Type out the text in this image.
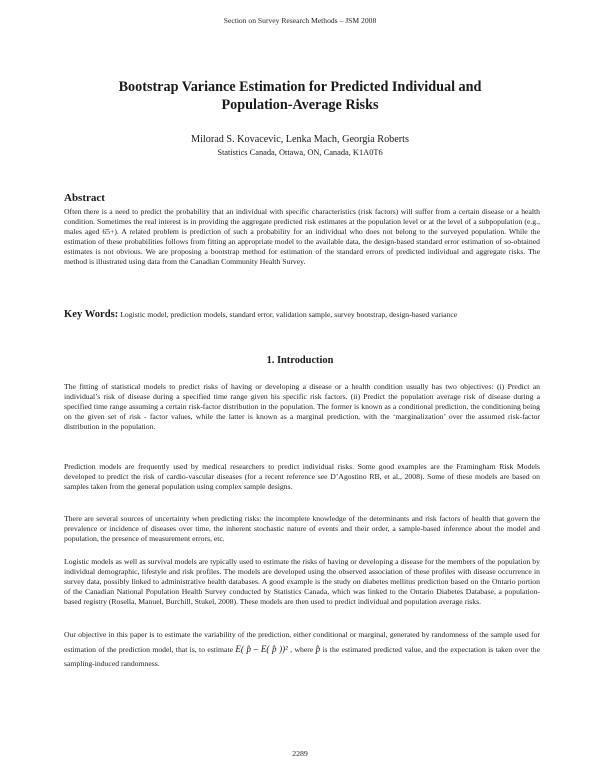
Section on Survey Research Methods – JSM 2008
Bootstrap Variance Estimation for Predicted Individual and
Population-Average Risks
Milorad S. Kovacevic, Lenka Mach, Georgia Roberts
Statistics Canada, Ottawa, ON, Canada, K1A0T6
Abstract

Often there is a need to predict the probability that an individual with specific characteristics (risk factors) will suffer from a certain disease or a health condition. Sometimes the real interest is in providing the aggregate predicted risk estimates at the population level or at the level of a subpopulation (e.g., males aged 65+). A related problem is prediction of such a probability for an individual who does not belong to the surveyed population. While the estimation of these probabilities follows from fitting an appropriate model to the available data, the design-based standard error estimation of so-obtained estimates is not obvious. We are proposing a bootstrap method for estimation of the standard errors of predicted individual and aggregate risks. The method is illustrated using data from the Canadian Community Health Survey.

Key Words: Logistic model, prediction models, standard error, validation sample, survey bootstrap, design-based variance

1. Introduction

The fitting of statistical models to predict risks of having or developing a disease or a health condition usually has two objectives: (i) Predict an individual’s risk of disease during a specified time range given his specific risk factors. (ii) Predict the population average risk of disease during a specified time range assuming a certain risk-factor distribution in the population. The former is known as a conditional prediction, the conditioning being on the given set of risk - factor values, while the latter is known as a marginal prediction, with the ‘marginalization’ over the assumed risk-factor distribution in the population.

Prediction models are frequently used by medical researchers to predict individual risks. Some good examples are the Framingham Risk Models developed to predict the risk of cardio-vascular diseases (for a recent reference see D’Agostino RB, et al., 2008). Some of these models are based on samples taken from the general population using complex sample designs.

There are several sources of uncertainty when predicting risks: the incomplete knowledge of the determinants and risk factors of health that govern the prevalence or incidence of diseases over time, the inherent stochastic nature of events and their order, a sample-based inference about the model and population, the presence of measurement errors, etc.

Logistic models as well as survival models are typically used to estimate the risks of having or developing a disease for the members of the population by individual demographic, lifestyle and risk profiles. The models are developed using the observed association of these profiles with disease occurrence in survey data, possibly linked to administrative health databases. A good example is the study on diabetes mellitus prediction based on the Ontario portion of the Canadian National Population Health Survey conducted by Statistics Canada, which was linked to the Ontario Diabetes Database, a population-based registry (Rosella, Manuel, Burchill, Stukel, 2008). These models are then used to predict individual and population average risks.

Our objective in this paper is to estimate the variability of the prediction, either conditional or marginal, generated by randomness of the sample used for estimation of the prediction model, that is, to estimate E( p̂ – E( p̂ ))² , where p̂ is the estimated predicted value, and the expectation is taken over the sampling-induced randomness.

2289
